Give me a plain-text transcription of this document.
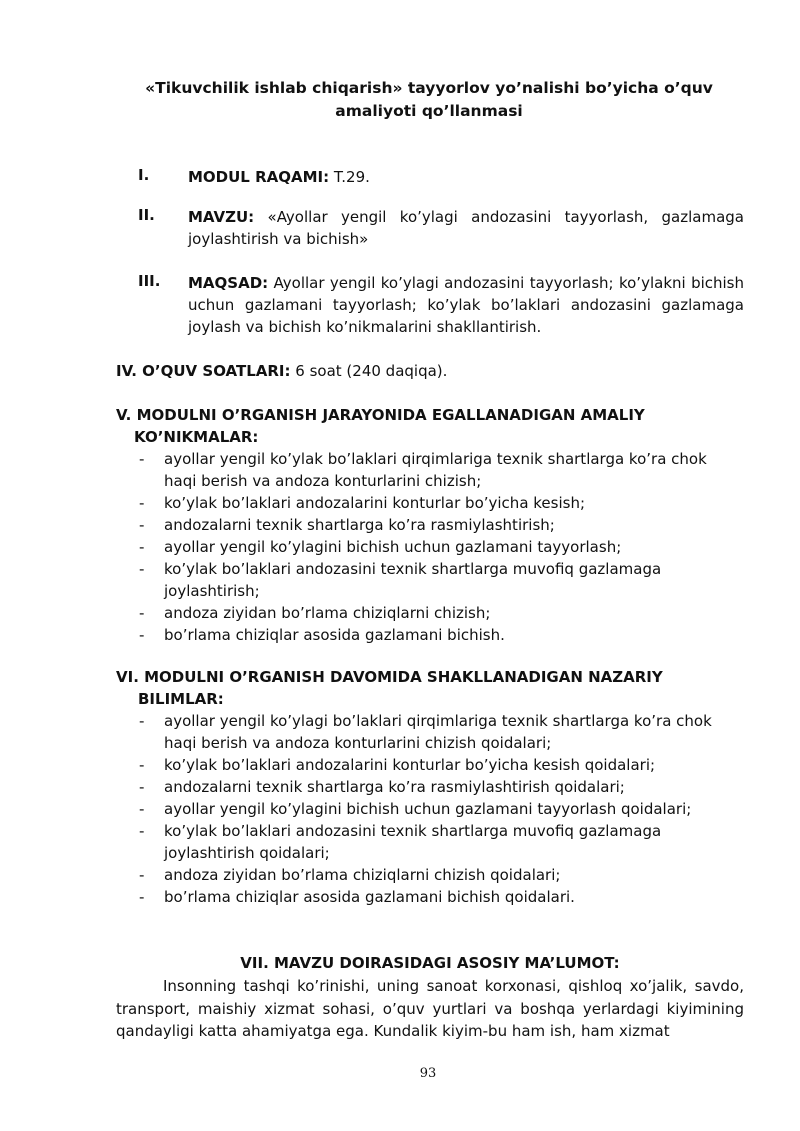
«Tikuvchilik ishlab chiqarish» tayyorlov yo’nalishi bo’yicha o’quv
amaliyoti qo’llanmasi
I.	MODUL RAQAMI: T.29.
II. MAVZU: «Ayollar yengil ko’ylagi andozasini tayyorlash, gazlamaga joylashtirish va bichish»
III. MAQSAD: Ayollar yengil ko’ylagi andozasini tayyorlash; ko’ylakni bichish uchun gazlamani tayyorlash; ko’ylak bo’laklari andozasini gazlamaga joylash va bichish ko’nikmalarini shakllantirish.
IV. O’QUV SOATLARI: 6 soat (240 daqiqa).
V. MODULNI O’RGANISH JARAYONIDA EGALLANADIGAN AMALIY
KO’NIKMALAR:
- ayollar yengil ko’ylak bo’laklari qirqimlariga texnik shartlarga ko’ra chok haqi berish va andoza konturlarini chizish;
- ko’ylak bo’laklari andozalarini konturlar bo’yicha kesish;
- andozalarni texnik shartlarga ko’ra rasmiylashtirish;
- ayollar yengil ko’ylagini bichish uchun gazlamani tayyorlash;
- ko’ylak bo’laklari andozasini texnik shartlarga muvofiq gazlamaga joylashtirish;
- andoza ziyidan bo’rlama chiziqlarni chizish;
- bo’rlama chiziqlar asosida gazlamani bichish.
VI. MODULNI O’RGANISH DAVOMIDA SHAKLLANADIGAN NAZARIY
BILIMLAR:
- ayollar yengil ko’ylagi bo’laklari qirqimlariga texnik shartlarga ko’ra chok haqi berish va andoza konturlarini chizish qoidalari;
- ko’ylak bo’laklari andozalarini konturlar bo’yicha kesish qoidalari;
- andozalarni texnik shartlarga ko’ra rasmiylashtirish qoidalari;
- ayollar yengil ko’ylagini bichish uchun gazlamani tayyorlash qoidalari;
- ko’ylak bo’laklari andozasini texnik shartlarga muvofiq gazlamaga joylashtirish qoidalari;
- andoza ziyidan bo’rlama chiziqlarni chizish qoidalari;
- bo’rlama chiziqlar asosida gazlamani bichish qoidalari.
VII. MAVZU DOIRASIDAGI ASOSIY MA’LUMOT:
Insonning tashqi ko’rinishi, uning sanoat korxonasi, qishloq xo’jalik, savdo, transport, maishiy xizmat sohasi, o’quv yurtlari va boshqa yerlardagi kiyimining qandayligi katta ahamiyatga ega. Kundalik kiyim-bu ham ish, ham xizmat
93
